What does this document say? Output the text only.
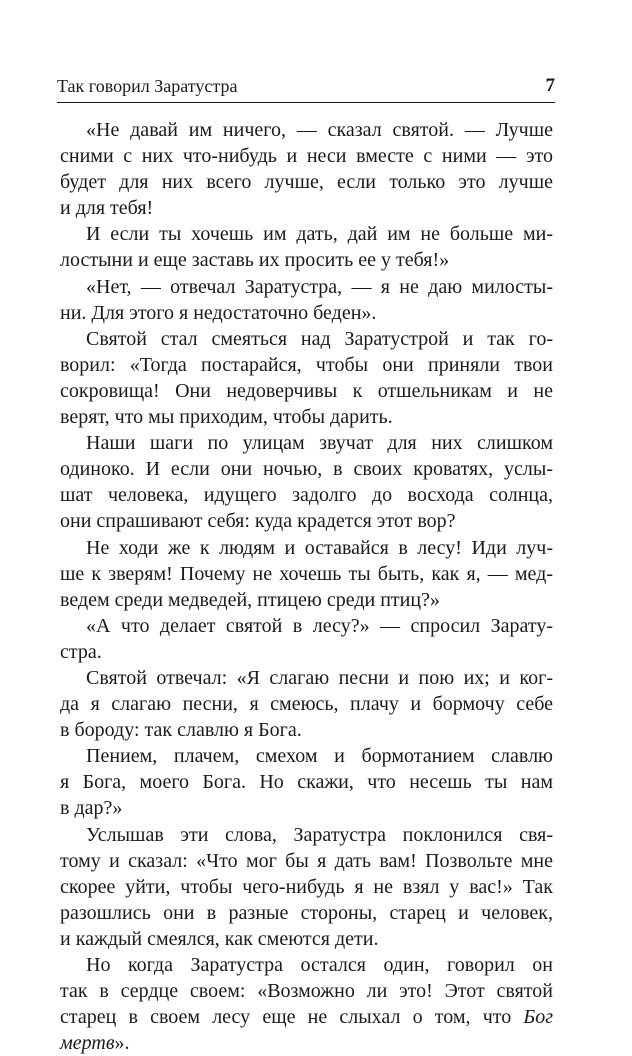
Так говорил Заратустра	7
«Не давай им ничего, — сказал святой. — Лучше
сними с них что-нибудь и неси вместе с ними — это
будет для них всего лучше, если только это лучше
и для тебя!
И если ты хочешь им дать, дай им не больше ми-
лостыни и еще заставь их просить ее у тебя!»
«Нет, — отвечал Заратустра, — я не даю милосты-
ни. Для этого я недостаточно беден».
Святой стал смеяться над Заратустрой и так го-
ворил: «Тогда постарайся, чтобы они приняли твои
сокровища! Они недоверчивы к отшельникам и не
верят, что мы приходим, чтобы дарить.
Наши шаги по улицам звучат для них слишком
одиноко. И если они ночью, в своих кроватях, услы-
шат человека, идущего задолго до восхода солнца,
они спрашивают себя: куда крадется этот вор?
Не ходи же к людям и оставайся в лесу! Иди луч-
ше к зверям! Почему не хочешь ты быть, как я, — мед-
ведем среди медведей, птицею среди птиц?»
«А что делает святой в лесу?» — спросил Зарату-
стра.
Святой отвечал: «Я слагаю песни и пою их; и ког-
да я слагаю песни, я смеюсь, плачу и бормочу себе
в бороду: так славлю я Бога.
Пением, плачем, смехом и бормотанием славлю
я Бога, моего Бога. Но скажи, что несешь ты нам
в дар?»
Услышав эти слова, Заратустра поклонился свя-
тому и сказал: «Что мог бы я дать вам! Позвольте мне
скорее уйти, чтобы чего-нибудь я не взял у вас!» Так
разошлись они в разные стороны, старец и человек,
и каждый смеялся, как смеются дети.
Но когда Заратустра остался один, говорил он
так в сердце своем: «Возможно ли это! Этот святой
старец в своем лесу еще не слыхал о том, что Бог
мертв».
